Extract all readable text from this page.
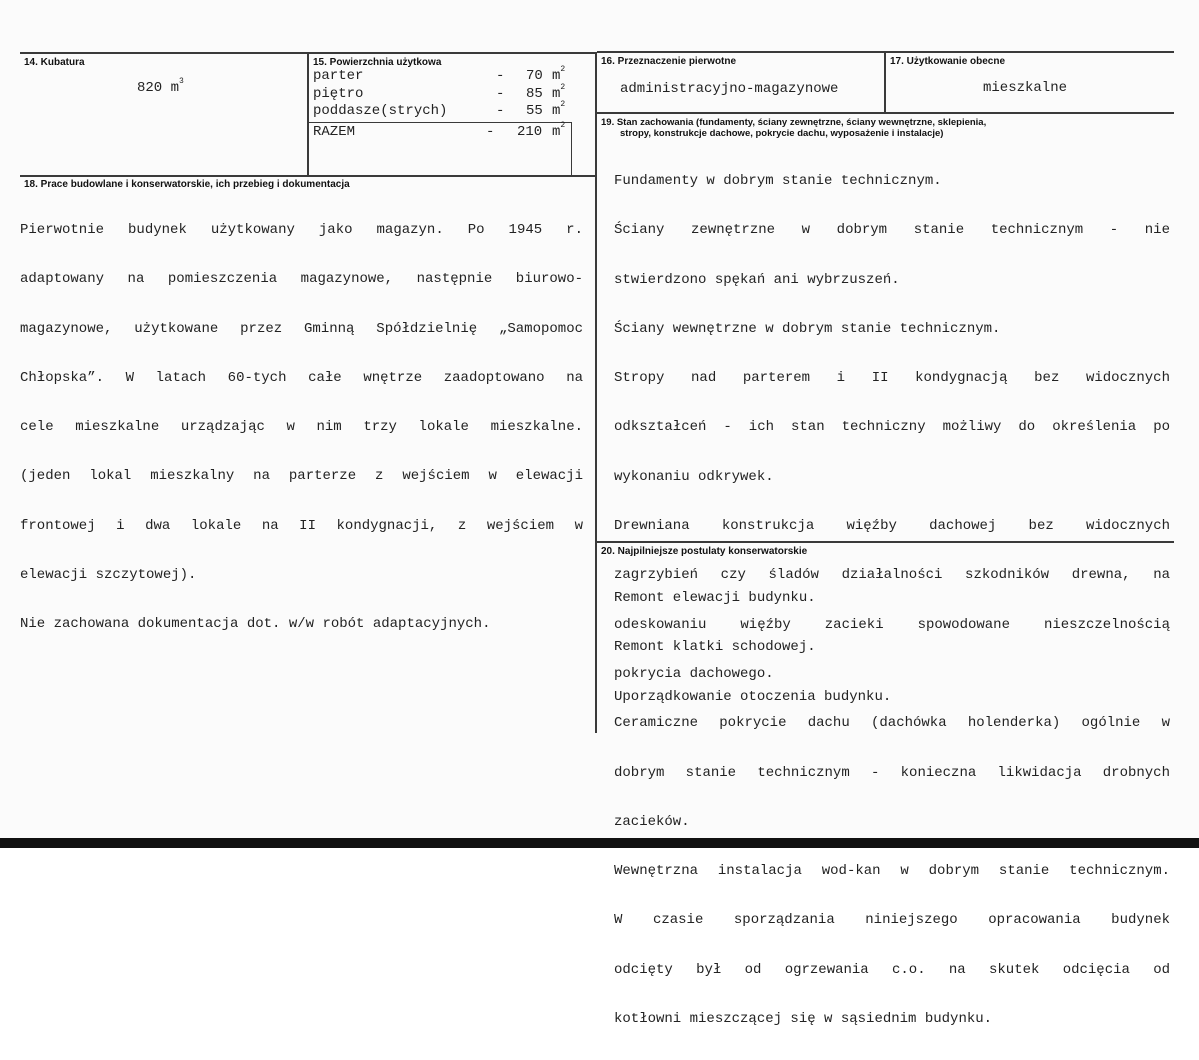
14. Kubatura
820 $m^3$
15. Powierzchnia użytkowa
parter	- 70 $m^2$
piętro	- 85 $m^2$
poddasze(strych)	- 55 $m^2$
RAZEM	- 210 $m^2$
16. Przeznaczenie pierwotne
administracyjno-magazynowe
17. Użytkowanie obecne
mieszkalne
18. Prace budowlane i konserwatorskie, ich przebieg i dokumentacja

Pierwotnie budynek użytkowany jako magazyn. Po 1945 r.

adaptowany na pomieszczenia magazynowe, następnie biurowo-

magazynowe, użytkowane przez Gminną Spółdzielnię „Samopomoc

Chłopska”. W latach 60-tych całe wnętrze zaadoptowano na

cele mieszkalne urządzając w nim trzy lokale mieszkalne.

(jeden lokal mieszkalny na parterze z wejściem w elewacji

frontowej i dwa lokale na II kondygnacji, z wejściem w

elewacji szczytowej).

Nie zachowana dokumentacja dot. w/w robót adaptacyjnych.

19. Stan zachowania (fundamenty, ściany zewnętrzne, ściany wewnętrzne, sklepienia,
stropy, konstrukcje dachowe, pokrycie dachu, wyposażenie i instalacje)

Fundamenty w dobrym stanie technicznym.

Ściany zewnętrzne w dobrym stanie technicznym - nie

stwierdzono spękań ani wybrzuszeń.

Ściany wewnętrzne w dobrym stanie technicznym.

Stropy nad parterem i II kondygnacją bez widocznych

odkształceń - ich stan techniczny możliwy do określenia po

wykonaniu odkrywek.

Drewniana konstrukcja więźby dachowej bez widocznych

zagrzybień czy śladów działalności szkodników drewna, na

odeskowaniu więźby zacieki spowodowane nieszczelnością

pokrycia dachowego.

Ceramiczne pokrycie dachu (dachówka holenderka) ogólnie w

dobrym stanie technicznym - konieczna likwidacja drobnych

zacieków.

Wewnętrzna instalacja wod-kan w dobrym stanie technicznym.

W czasie sporządzania niniejszego opracowania budynek

odcięty był od ogrzewania c.o. na skutek odcięcia od

kotłowni mieszczącej się w sąsiednim budynku.

20. Najpilniejsze postulaty konserwatorskie

Remont elewacji budynku.

Remont klatki schodowej.

Uporządkowanie otoczenia budynku.
